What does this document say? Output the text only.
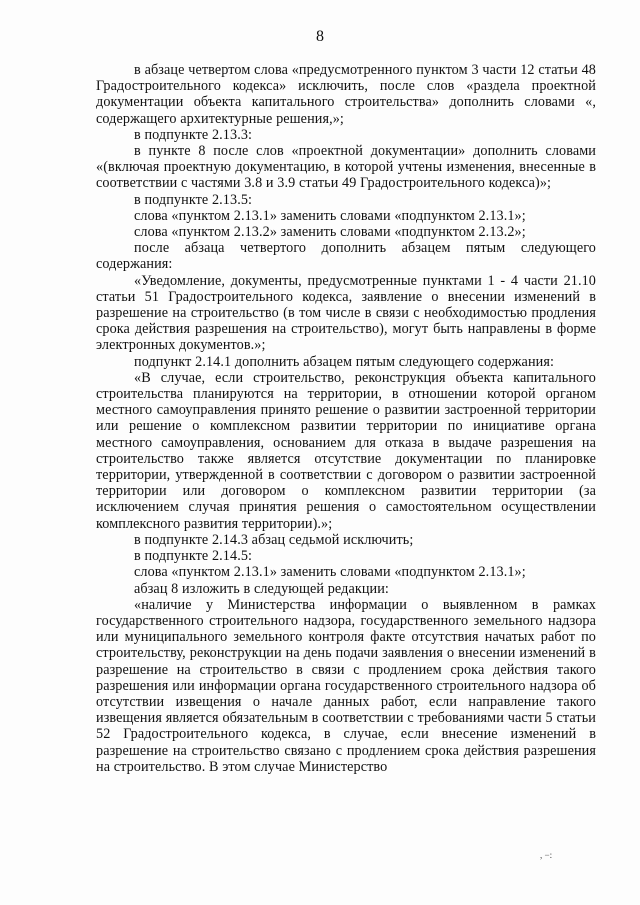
8

в абзаце четвертом слова «предусмотренного пунктом 3 части 12 статьи 48 Градостроительного кодекса» исключить, после слов «раздела проектной документации объекта капитального строительства» дополнить словами «, содержащего архитектурные решения,»;

в подпункте 2.13.3:

в пункте 8 после слов «проектной документации» дополнить словами «(включая проектную документацию, в которой учтены изменения, внесенные в соответствии с частями 3.8 и 3.9 статьи 49 Градостроительного кодекса)»;

в подпункте 2.13.5:

слова «пунктом 2.13.1» заменить словами «подпунктом 2.13.1»;

слова «пунктом 2.13.2» заменить словами «подпунктом 2.13.2»;

после абзаца четвертого дополнить абзацем пятым следующего содержания:

«Уведомление, документы, предусмотренные пунктами 1 - 4 части 21.10 статьи 51 Градостроительного кодекса, заявление о внесении изменений в разрешение на строительство (в том числе в связи с необходимостью продления срока действия разрешения на строительство), могут быть направлены в форме электронных документов.»;

подпункт 2.14.1 дополнить абзацем пятым следующего содержания:

«В случае, если строительство, реконструкция объекта капитального строительства планируются на территории, в отношении которой органом местного самоуправления принято решение о развитии застроенной территории или решение о комплексном развитии территории по инициативе органа местного самоуправления, основанием для отказа в выдаче разрешения на строительство также является отсутствие документации по планировке территории, утвержденной в соответствии с договором о развитии застроенной территории или договором о комплексном развитии территории (за исключением случая принятия решения о самостоятельном осуществлении комплексного развития территории).»;

в подпункте 2.14.3 абзац седьмой исключить;

в подпункте 2.14.5:

слова «пунктом 2.13.1» заменить словами «подпунктом 2.13.1»;

абзац 8 изложить в следующей редакции:

«наличие у Министерства информации о выявленном в рамках государственного строительного надзора, государственного земельного надзора или муниципального земельного контроля факте отсутствия начатых работ по строительству, реконструкции на день подачи заявления о внесении изменений в разрешение на строительство в связи с продлением срока действия такого разрешения или информации органа государственного строительного надзора об отсутствии извещения о начале данных работ, если направление такого извещения является обязательным в соответствии с требованиями части 5 статьи 52 Градостроительного кодекса, в случае, если внесение изменений в разрешение на строительство связано с продлением срока действия разрешения на строительство. В этом случае Министерство

, −:
